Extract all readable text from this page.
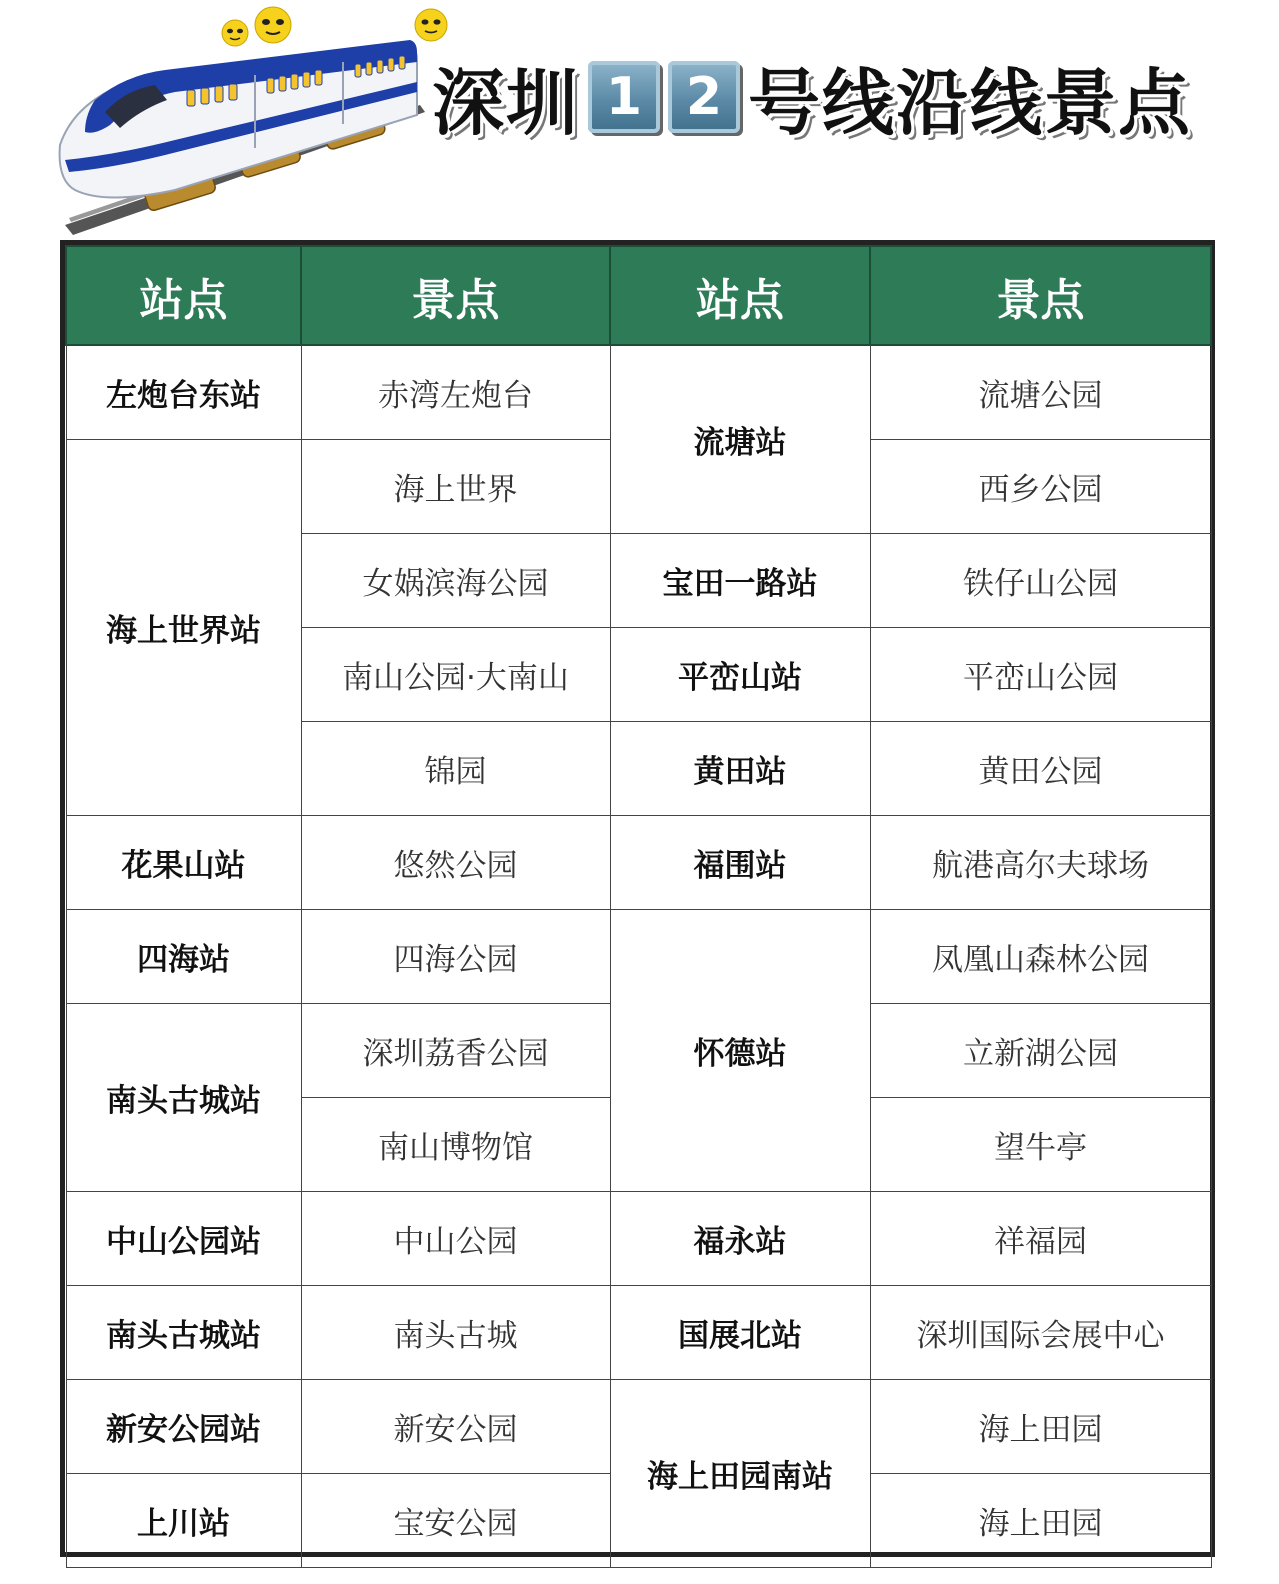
深圳 1 2 号线沿线景点
站点	景点	站点	景点
左炮台东站	赤湾左炮台	流塘站	流塘公园
海上世界站	海上世界		西乡公园
	女娲滨海公园	宝田一路站	铁仔山公园
	南山公园·大南山	平峦山站	平峦山公园
	锦园	黄田站	黄田公园
花果山站	悠然公园	福围站	航港高尔夫球场
四海站	四海公园	怀德站	凤凰山森林公园
南头古城站	深圳荔香公园		立新湖公园
	南山博物馆		望牛亭
中山公园站	中山公园	福永站	祥福园
南头古城站	南头古城	国展北站	深圳国际会展中心
新安公园站	新安公园	海上田园南站	海上田园
上川站	宝安公园		海上田园
